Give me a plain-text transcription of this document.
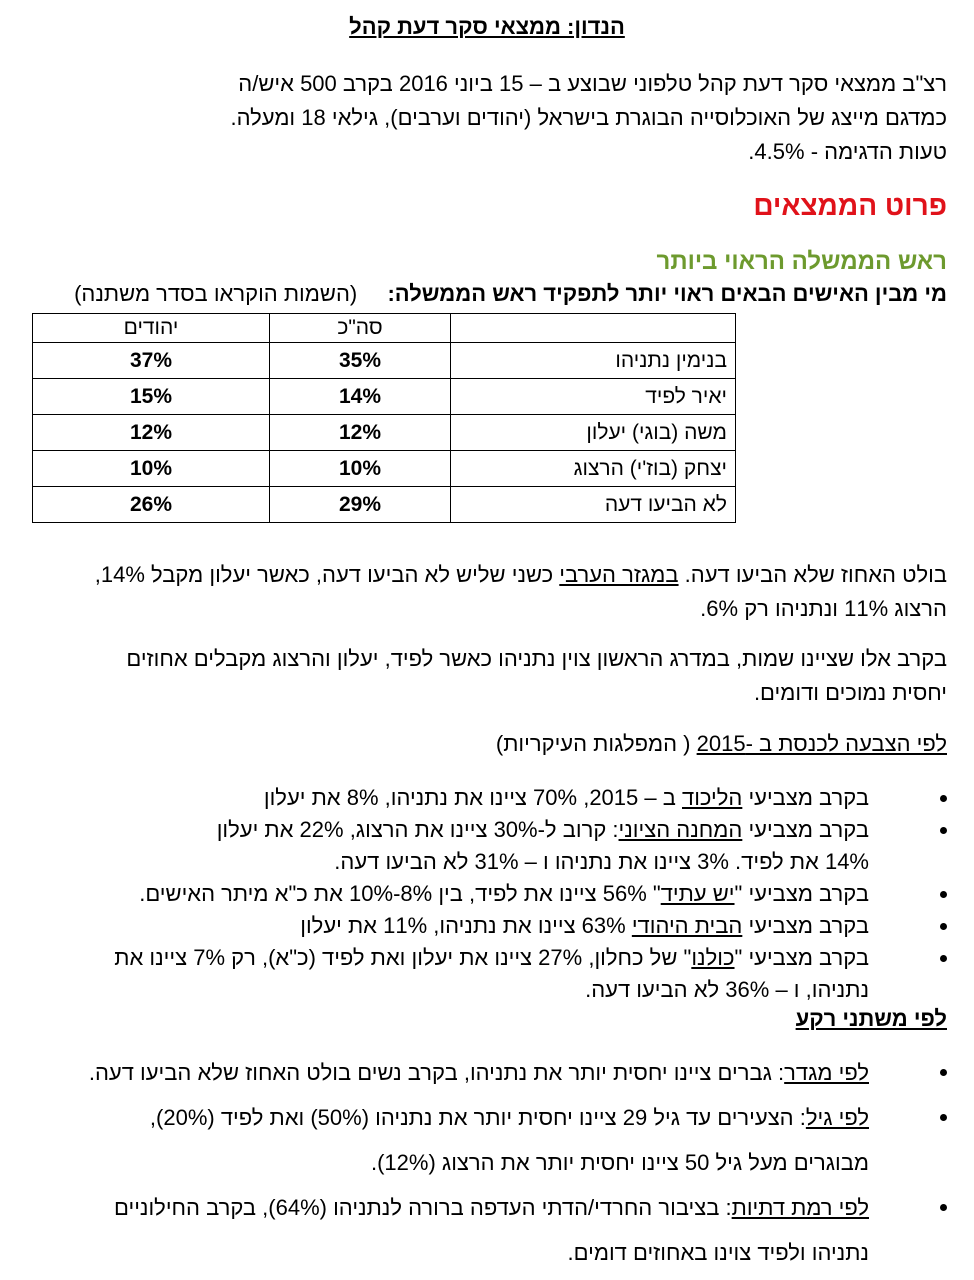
הנדון: ממצאי סקר דעת קהל
רצ"ב ממצאי סקר דעת קהל טלפוני שבוצע ב – 15 ביוני 2016 בקרב 500 איש/ה
כמדגם מייצג של האוכלוסייה הבוגרת בישראל (יהודים וערבים), גילאי 18 ומעלה.
טעות הדגימה - 4.5%.
פרוט הממצאים
ראש הממשלה הראוי ביותר
מי מבין האישים הבאים ראוי יותר לתפקיד ראש הממשלה:  (השמות הוקראו בסדר משתנה)
	סה"כ	יהודים
בנימין נתניהו	35%	37%
יאיר לפיד	14%	15%
משה (בוגי) יעלון	12%	12%
יצחק (בוז'י) הרצוג	10%	10%
לא הביעו דעה	29%	26%
בולט האחוז שלא הביעו דעה. במגזר הערבי כשני שליש לא הביעו דעה, כאשר יעלון מקבל 14%,
הרצוג 11% ונתניהו רק 6%.
בקרב אלו שציינו שמות, במדרג הראשון צוין נתניהו כאשר לפיד, יעלון והרצוג מקבלים אחוזים
יחסית נמוכים ודומים.
לפי הצבעה לכנסת ב -2015 ( המפלגות העיקריות)
בקרב מצביעי הליכוד ב – 2015, 70% ציינו את נתניהו, 8% את יעלון
בקרב מצביעי המחנה הציוני: קרוב ל-30% ציינו את הרצוג, 22% את יעלון
14% את לפיד. 3% ציינו את נתניהו ו – 31% לא הביעו דעה.
בקרב מצביעי "יש עתיד" 56% ציינו את לפיד, בין 8%-10% את כ"א מיתר האישים.
בקרב מצביעי הבית היהודי 63% ציינו את נתניהו, 11% את יעלון
בקרב מצביעי "כולנו" של כחלון, 27% ציינו את יעלון ואת לפיד (כ"א), רק 7% ציינו את
נתניהו, ו – 36% לא הביעו דעה.
לפי משתני רקע
לפי מגדר: גברים ציינו יחסית יותר את נתניהו, בקרב נשים בולט האחוז שלא הביעו דעה.
לפי גיל: הצעירים עד גיל 29 ציינו יחסית יותר את נתניהו (50%) ואת לפיד (20%),
מבוגרים מעל גיל 50 ציינו יחסית יותר את הרצוג (12%).
לפי רמת דתיות: בציבור החרדי/הדתי העדפה ברורה לנתניהו (64%), בקרב החילוניים
נתניהו ולפיד צוינו באחוזים דומים.
